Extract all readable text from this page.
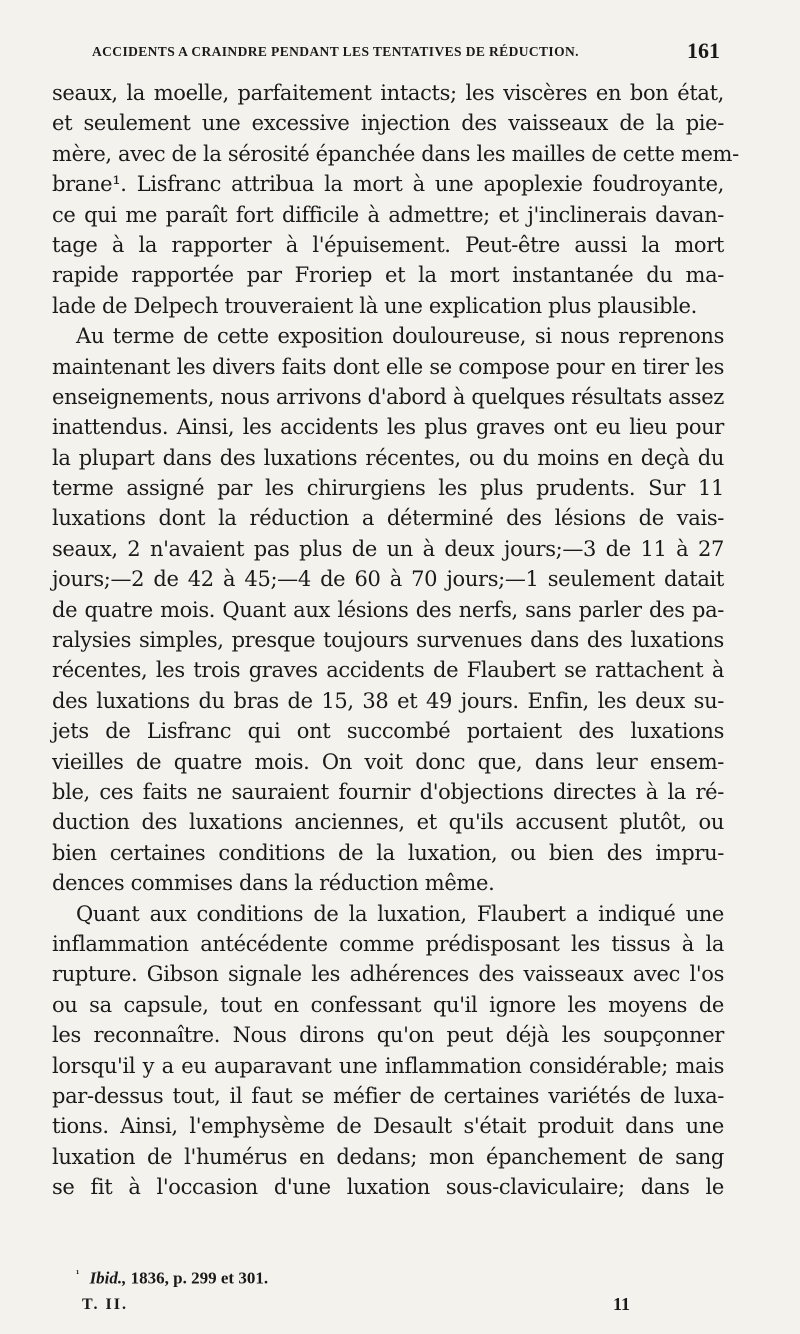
ACCIDENTS A CRAINDRE PENDANT LES TENTATIVES DE RÉDUCTION.	161
seaux, la moelle, parfaitement intacts; les viscères en bon état,
et seulement une excessive injection des vaisseaux de la pie-
mère, avec de la sérosité épanchée dans les mailles de cette mem-
brane¹. Lisfranc attribua la mort à une apoplexie foudroyante,
ce qui me paraît fort difficile à admettre; et j'inclinerais davan-
tage à la rapporter à l'épuisement. Peut-être aussi la mort
rapide rapportée par Froriep et la mort instantanée du ma-
lade de Delpech trouveraient là une explication plus plausible.
Au terme de cette exposition douloureuse, si nous reprenons
maintenant les divers faits dont elle se compose pour en tirer les
enseignements, nous arrivons d'abord à quelques résultats assez
inattendus. Ainsi, les accidents les plus graves ont eu lieu pour
la plupart dans des luxations récentes, ou du moins en deçà du
terme assigné par les chirurgiens les plus prudents. Sur 11
luxations dont la réduction a déterminé des lésions de vais-
seaux, 2 n'avaient pas plus de un à deux jours;—3 de 11 à 27
jours;—2 de 42 à 45;—4 de 60 à 70 jours;—1 seulement datait
de quatre mois. Quant aux lésions des nerfs, sans parler des pa-
ralysies simples, presque toujours survenues dans des luxations
récentes, les trois graves accidents de Flaubert se rattachent à
des luxations du bras de 15, 38 et 49 jours. Enfin, les deux su-
jets de Lisfranc qui ont succombé portaient des luxations
vieilles de quatre mois. On voit donc que, dans leur ensem-
ble, ces faits ne sauraient fournir d'objections directes à la ré-
duction des luxations anciennes, et qu'ils accusent plutôt, ou
bien certaines conditions de la luxation, ou bien des impru-
dences commises dans la réduction même.
Quant aux conditions de la luxation, Flaubert a indiqué une
inflammation antécédente comme prédisposant les tissus à la
rupture. Gibson signale les adhérences des vaisseaux avec l'os
ou sa capsule, tout en confessant qu'il ignore les moyens de
les reconnaître. Nous dirons qu'on peut déjà les soupçonner
lorsqu'il y a eu auparavant une inflammation considérable; mais
par-dessus tout, il faut se méfier de certaines variétés de luxa-
tions. Ainsi, l'emphysème de Desault s'était produit dans une
luxation de l'humérus en dedans; mon épanchement de sang
se fit à l'occasion d'une luxation sous-claviculaire; dans le
$^{^1}$ Ibid., 1836, p. 299 et 301.
T. II.	11
